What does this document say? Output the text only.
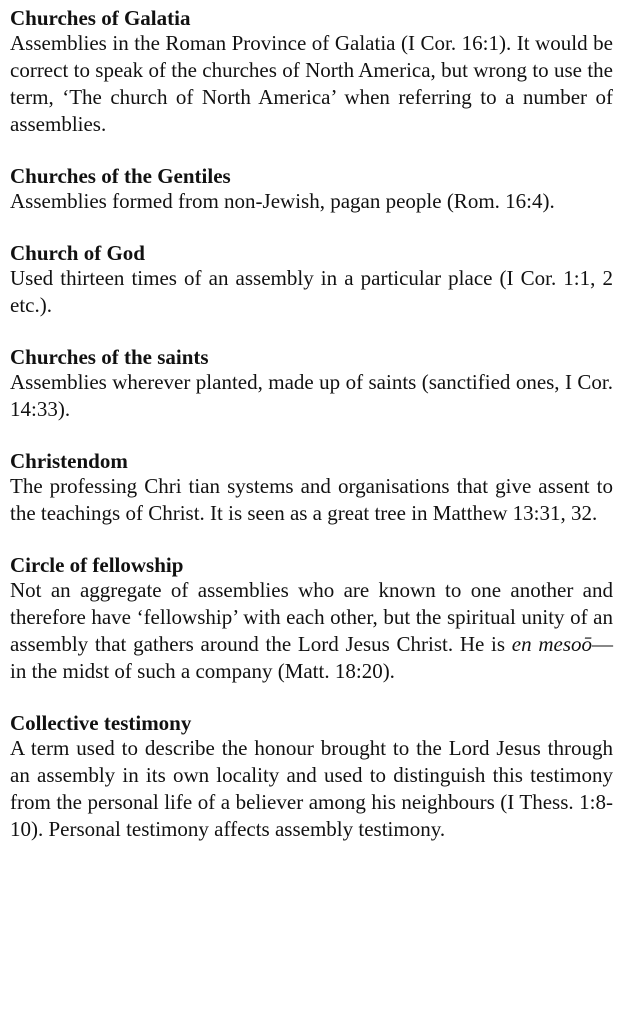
Churches of Galatia

Assemblies in the Roman Province of Galatia (I Cor. 16:1). It would be correct to speak of the churches of North America, but wrong to use the term, ‘The church of North America’ when referring to a number of assemblies.

Churches of the Gentiles

Assemblies formed from non-Jewish, pagan people (Rom. 16:4).

Church of God

Used thirteen times of an assembly in a particular place (I Cor. 1:1, 2 etc.).

Churches of the saints

Assemblies wherever planted, made up of saints (sanctified ones, I Cor. 14:33).

Christendom

The professing Chri tian systems and organisations that give assent to the teachings of Christ. It is seen as a great tree in Matthew 13:31, 32.

Circle of fellowship

Not an aggregate of assemblies who are known to one another and therefore have ‘fellowship’ with each other, but the spiritual unity of an assembly that gathers around the Lord Jesus Christ. He is en mesoō—in the midst of such a company (Matt. 18:20).

Collective testimony

A term used to describe the honour brought to the Lord Jesus through an assembly in its own locality and used to distinguish this testimony from the personal life of a believer among his neighbours (I Thess. 1:8-10). Personal testimony affects assembly testimony.
